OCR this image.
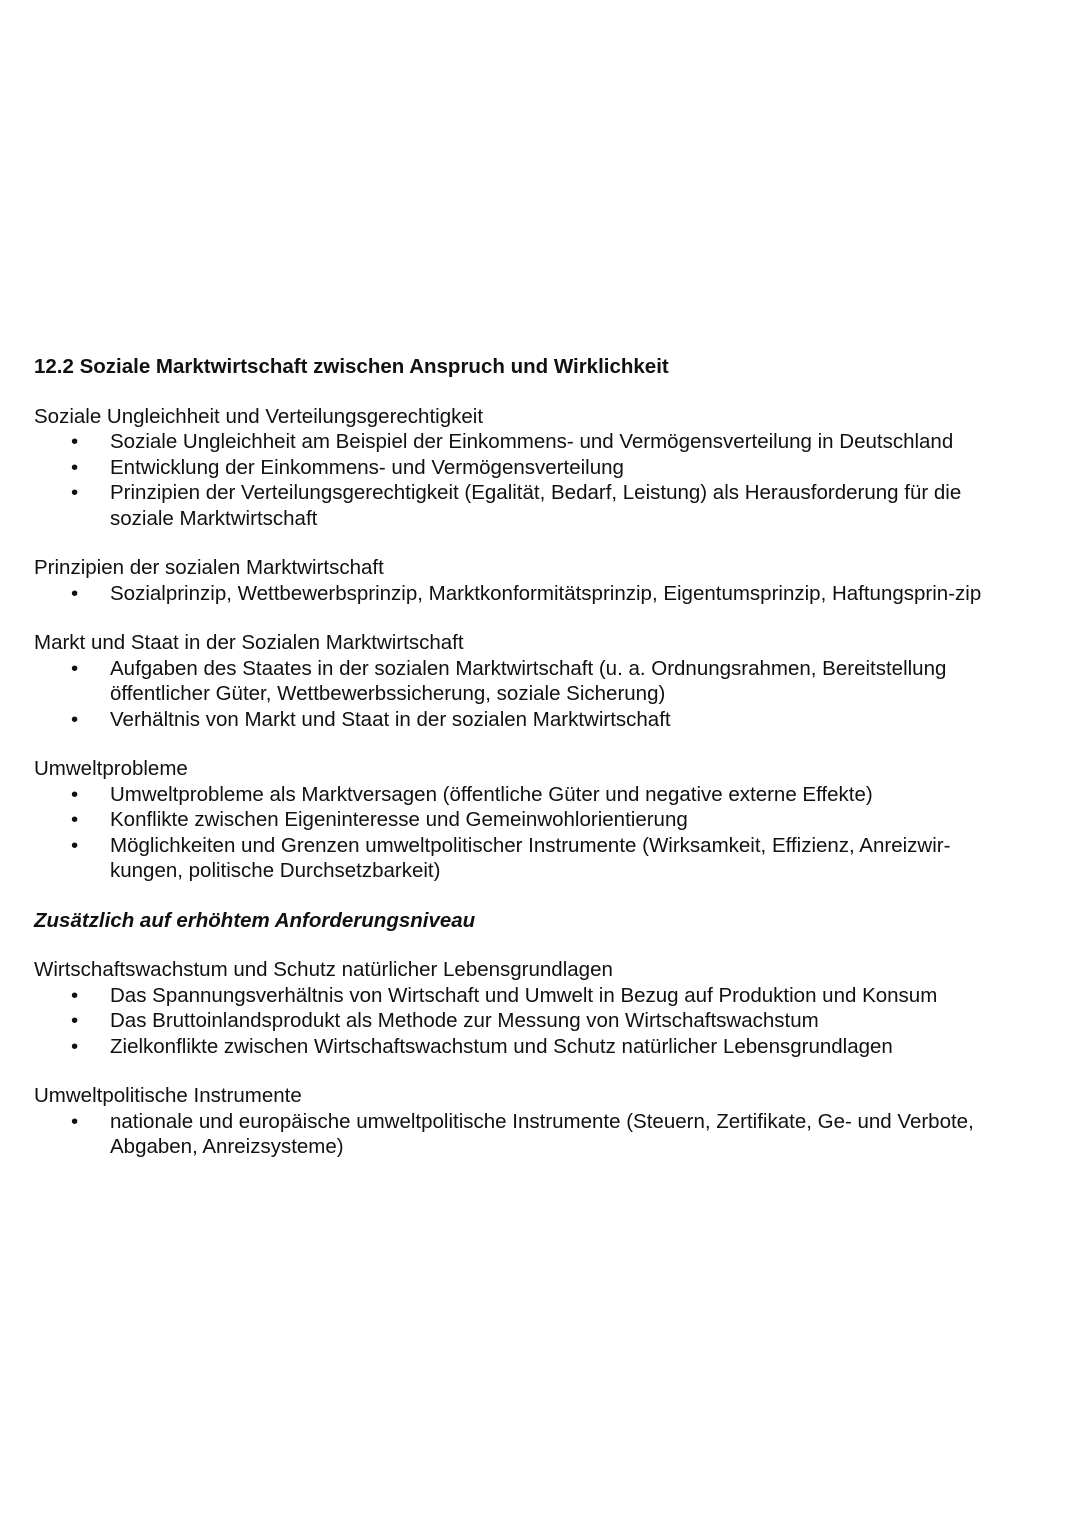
12.2 Soziale Marktwirtschaft zwischen Anspruch und Wirklichkeit
Soziale Ungleichheit und Verteilungsgerechtigkeit
• Soziale Ungleichheit am Beispiel der Einkommens- und Vermögensverteilung in Deutschland
• Entwicklung der Einkommens- und Vermögensverteilung
• Prinzipien der Verteilungsgerechtigkeit (Egalität, Bedarf, Leistung) als Herausforderung für die soziale Marktwirtschaft
Prinzipien der sozialen Marktwirtschaft
• Sozialprinzip, Wettbewerbsprinzip, Marktkonformitätsprinzip, Eigentumsprinzip, Haftungsprin-zip
Markt und Staat in der Sozialen Marktwirtschaft
• Aufgaben des Staates in der sozialen Marktwirtschaft (u. a. Ordnungsrahmen, Bereitstellung öffentlicher Güter, Wettbewerbssicherung, soziale Sicherung)
• Verhältnis von Markt und Staat in der sozialen Marktwirtschaft
Umweltprobleme
• Umweltprobleme als Marktversagen (öffentliche Güter und negative externe Effekte)
• Konflikte zwischen Eigeninteresse und Gemeinwohlorientierung
• Möglichkeiten und Grenzen umweltpolitischer Instrumente (Wirksamkeit, Effizienz, Anreizwir-kungen, politische Durchsetzbarkeit)
Zusätzlich auf erhöhtem Anforderungsniveau
Wirtschaftswachstum und Schutz natürlicher Lebensgrundlagen
• Das Spannungsverhältnis von Wirtschaft und Umwelt in Bezug auf Produktion und Konsum
• Das Bruttoinlandsprodukt als Methode zur Messung von Wirtschaftswachstum
• Zielkonflikte zwischen Wirtschaftswachstum und Schutz natürlicher Lebensgrundlagen
Umweltpolitische Instrumente
• nationale und europäische umweltpolitische Instrumente (Steuern, Zertifikate, Ge- und Verbote, Abgaben, Anreizsysteme)
